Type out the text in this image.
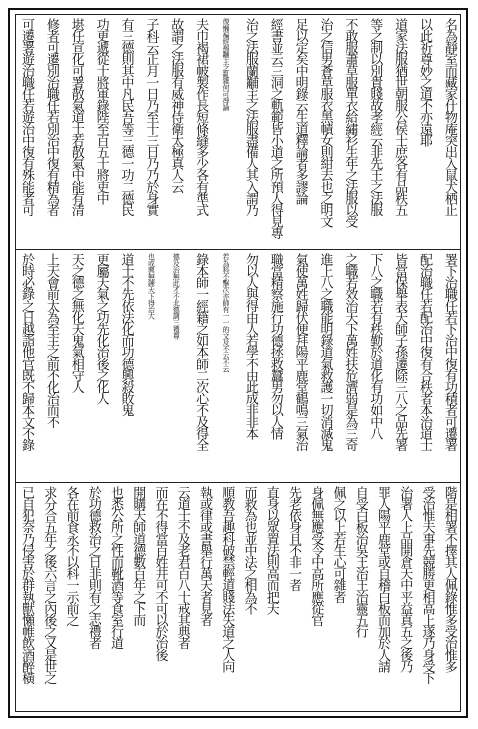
名為靜室而藏家什物庵突出入鼠犬栖止
以此祈尊妙之道不亦遠耶
道家法服猶世朝服公侯士庶各有品秩五
等之制以別貴賤故孝經云非先王之法服
不敢服蕭草服單衣給繡衫生年之法服以受
治之信男蒼草服衣黑幘女則紺去也之明文
足以定矣中明錄云生道釋論者多謬論
經書並云三洞之軌範皆小道之所預人得見專
治之法服蘭黼主之法服盡備人其入謂乃
復懶褊經褐黼主之亂雜何可得論
夫巾褐裙帔製作長短條縫多少各有準式
故謂之法服有威神侍衛太極真人云
子科云正月一日乃至十三日乃乃於身實
有三德則其中凡民吾等三德一功二德民
功更遞從十將軍錄陛至百五十將吏中
堪任宣化可署散氣道士若散氣中能有清
修者可遷別治職任若別治中復有精為者
可遷署遊治職任若遊治中復有殊能者可
署下治職任若下治中復有功積者可遷署
配治職任若配治中復有合秩者本治道士
皆當保舉表天師子孫遷除三八之品先署
下八之職若有秩勤於道化有功如中八
之職若效治天下萬姓扶危濟弱是為三奇
進上八之職能明錄道氣救護一切消滅鬼
氣使萬姓歸伏便拜陽平鹿堂鶴鳴三氣治
職當精察施行功德拯救蠶男勿以人情
勿以人與得由人若學不由此成非非本
若為科不擊次亦師有一一的文及不云不云
錄本師一經籍之如本師二次心不及得全
德及治無此才不北德調三禮尊
也或興無鍊天下得治大
道士不先依法化而功德興殺敗鬼
更屬天氣之功先化治後之化人
天之德之無化天鬼氣相守人
上天會前太為至主之前不化治而不
於時必錄之日越詣他官既不歸本文不錄
階是相署不擇其人佩錄惟多受治惟多
受治惟夫事先競勝更相高上遂乃身受下
治署人上品開倉天中平益真五之後乃
罪人陽平鹿堂或自稽白板而加於人請
自受白板治吳王治王治靈五行
佩之以上若生心可雜者
身佩無應受令中高所應從官
先老依身且不非一者
直身以眾置法則高而把天
而救為也並中法之相為不
順教吾趣科破禁輕道賤法失道之人向
執或律或書舉行萬天者見者
云道士不及老君百八十戒其典者
而在不得當百姓井可不可以於治後
開購天師道德數百年之下而
也悉公所之性而靴酒等食室行道
於功德救治之日非則有之志禮者
各在前食永不以科一示前之
求分合五年之後六言之內後之又是世之
已自犯奈乃侵害於群執獸懶帷飲酒醉橫
